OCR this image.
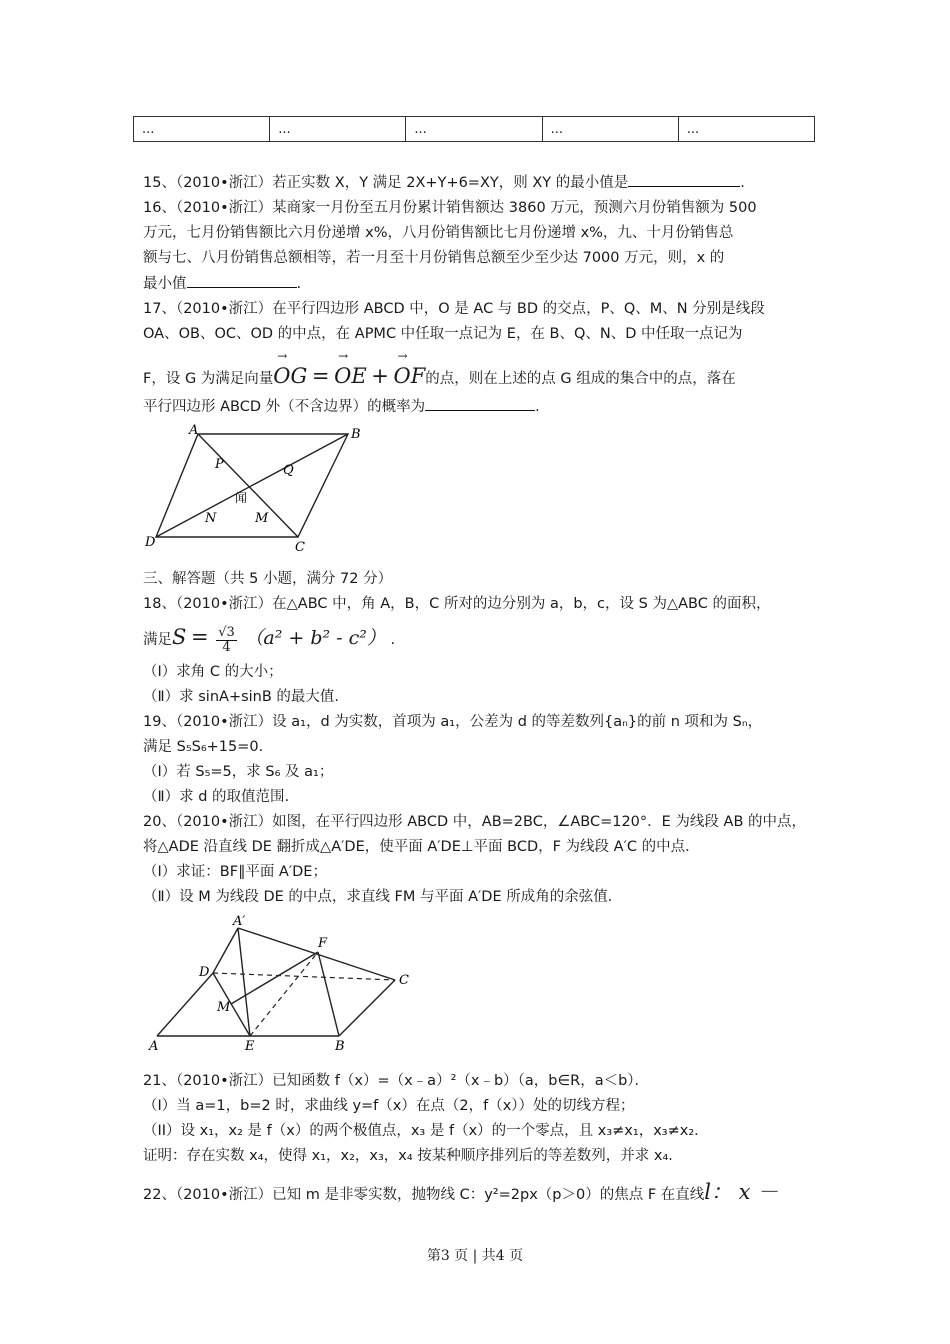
...	...	...	...	...

15、（2010•浙江）若正实数 X，Y 满足 2X+Y+6=XY，则 XY 的最小值是	.

16、（2010•浙江）某商家一月份至五月份累计销售额达 3860 万元，预测六月份销售额为 500

万元，七月份销售额比六月份递增 x%，八月份销售额比七月份递增 x%，九、十月份销售总

额与七、八月份销售总额相等，若一月至十月份销售总额至少至少达 7000 万元，则，x 的

最小值	.

17、（2010•浙江）在平行四边形 ABCD 中，O 是 AC 与 BD 的交点，P、Q、M、N 分别是线段

OA、OB、OC、OD 的中点，在 APMC 中任取一点记为 E，在 B、Q、N、D 中任取一点记为

F，设 G 为满足向量→ OG = → OE + → OF的点，则在上述的点 G 组成的集合中的点，落在

平行四边形 ABCD 外（不含边界）的概率为	.

A	B
C
D
P	Q
M
N
闻

三、解答题（共 5 小题，满分 72 分）

18、（2010•浙江）在△ABC 中，角 A，B，C 所对的边分别为 a，b，c，设 S 为△ABC 的面积，

满足$S = \frac{√3}{4} (a^2 + b^2 - c^2)$ .

（Ⅰ）求角 C 的大小；

（Ⅱ）求 sinA+sinB 的最大值.

19、（2010•浙江）设 a₁，d 为实数，首项为 a₁，公差为 d 的等差数列{aₙ}的前 n 项和为 Sₙ，

满足 S₅S₆+15=0.

（Ⅰ）若 S₅=5，求 S₆ 及 a₁；

（Ⅱ）求 d 的取值范围.

20、（2010•浙江）如图，在平行四边形 ABCD 中，AB=2BC，∠ABC=120°．E 为线段 AB 的中点，

将△ADE 沿直线 DE 翻折成△A′DE，使平面 A′DE⊥平面 BCD，F 为线段 A′C 的中点．

（Ⅰ）求证：BF∥平面 A′DE；

（Ⅱ）设 M 为线段 DE 的中点，求直线 FM 与平面 A′DE 所成角的余弦值．

A′
D
F
C
M
A	E	B

21、（2010•浙江）已知函数 f（x）=（x﹣a）²（x﹣b）（a，b∈R，a＜b）．

（I）当 a=1，b=2 时，求曲线 y=f（x）在点（2，f（x））处的切线方程；

（II）设 x₁，x₂ 是 f（x）的两个极值点，x₃ 是 f（x）的一个零点，且 x₃≠x₁，x₃≠x₂．

证明：存在实数 x₄，使得 x₁，x₂，x₃，x₄ 按某种顺序排列后的等差数列，并求 x₄．

22、（2010•浙江）已知 m 是非零实数，抛物线 C：y²=2px（p＞0）的焦点 F 在直线l： x －

第3 页 | 共4 页
